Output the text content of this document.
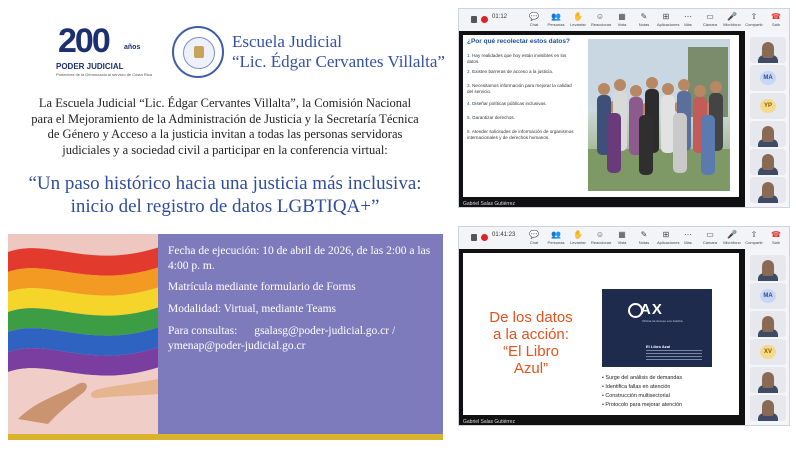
200 años
PODER JUDICIAL
Protectora de la Democracia al servicio de Costa Rica
Escuela Judicial
“Lic. Édgar Cervantes Villalta”
La Escuela Judicial “Lic. Édgar Cervantes Villalta”, la Comisión Nacional para el Mejoramiento de la Administración de Justicia y la Secretaría Técnica de Género y Acceso a la justicia invitan a todas las personas servidoras judiciales y a sociedad civil a participar en la conferencia virtual:
“Un paso histórico hacia una justicia más inclusiva:
inicio del registro de datos LGBTIQA+”
Fecha de ejecución: 10 de abril de 2026, de las 2:00 a las 4:00 p. m.
Matrícula mediante formulario de Forms
Modalidad: Virtual, mediante Teams
Para consultas: gsalasg@poder-judicial.go.cr /
ymenap@poder-judicial.go.cr
01:12	💬
Chat
👥
Personas
✋
Levantar
☺
Reaccionar
▦
Vista
✎
Notas
⊞
Aplicaciones
⋯
Más
▭
Cámara
🎤
Micrófono
⇧
Compartir
☎
Salir
¿Por qué recolectar estos datos?
1. Hay realidades que hoy están invisibles en los datos.
2. Existen barreras de acceso a la justicia.
3. Necesitamos información para mejorar la calidad del servicio.
4. Diseñar políticas públicas inclusivas.
5. Garantizar derechos.
6. Atender solicitudes de información de organismos internacionales y de derechos humanos.
Gabriel Salas Gutiérrez
MA
YP
01:41:23	💬
Chat
👥
Personas
✋
Levantar
☺
Reaccionar
▦
Vista
✎
Notas
⊞
Aplicaciones
⋯
Más
▭
Cámara
🎤
Micrófono
⇧
Compartir
☎
Salir
De los datos a la acción: “El Libro Azul”
AX
Oficina de Acceso a la Justicia
El Libro Azul
• Surge del análisis de demandas
• Identifica fallas en atención
• Construcción multisectorial
• Protocolo para mejorar atención
Gabriel Salas Gutiérrez
MA
XV
